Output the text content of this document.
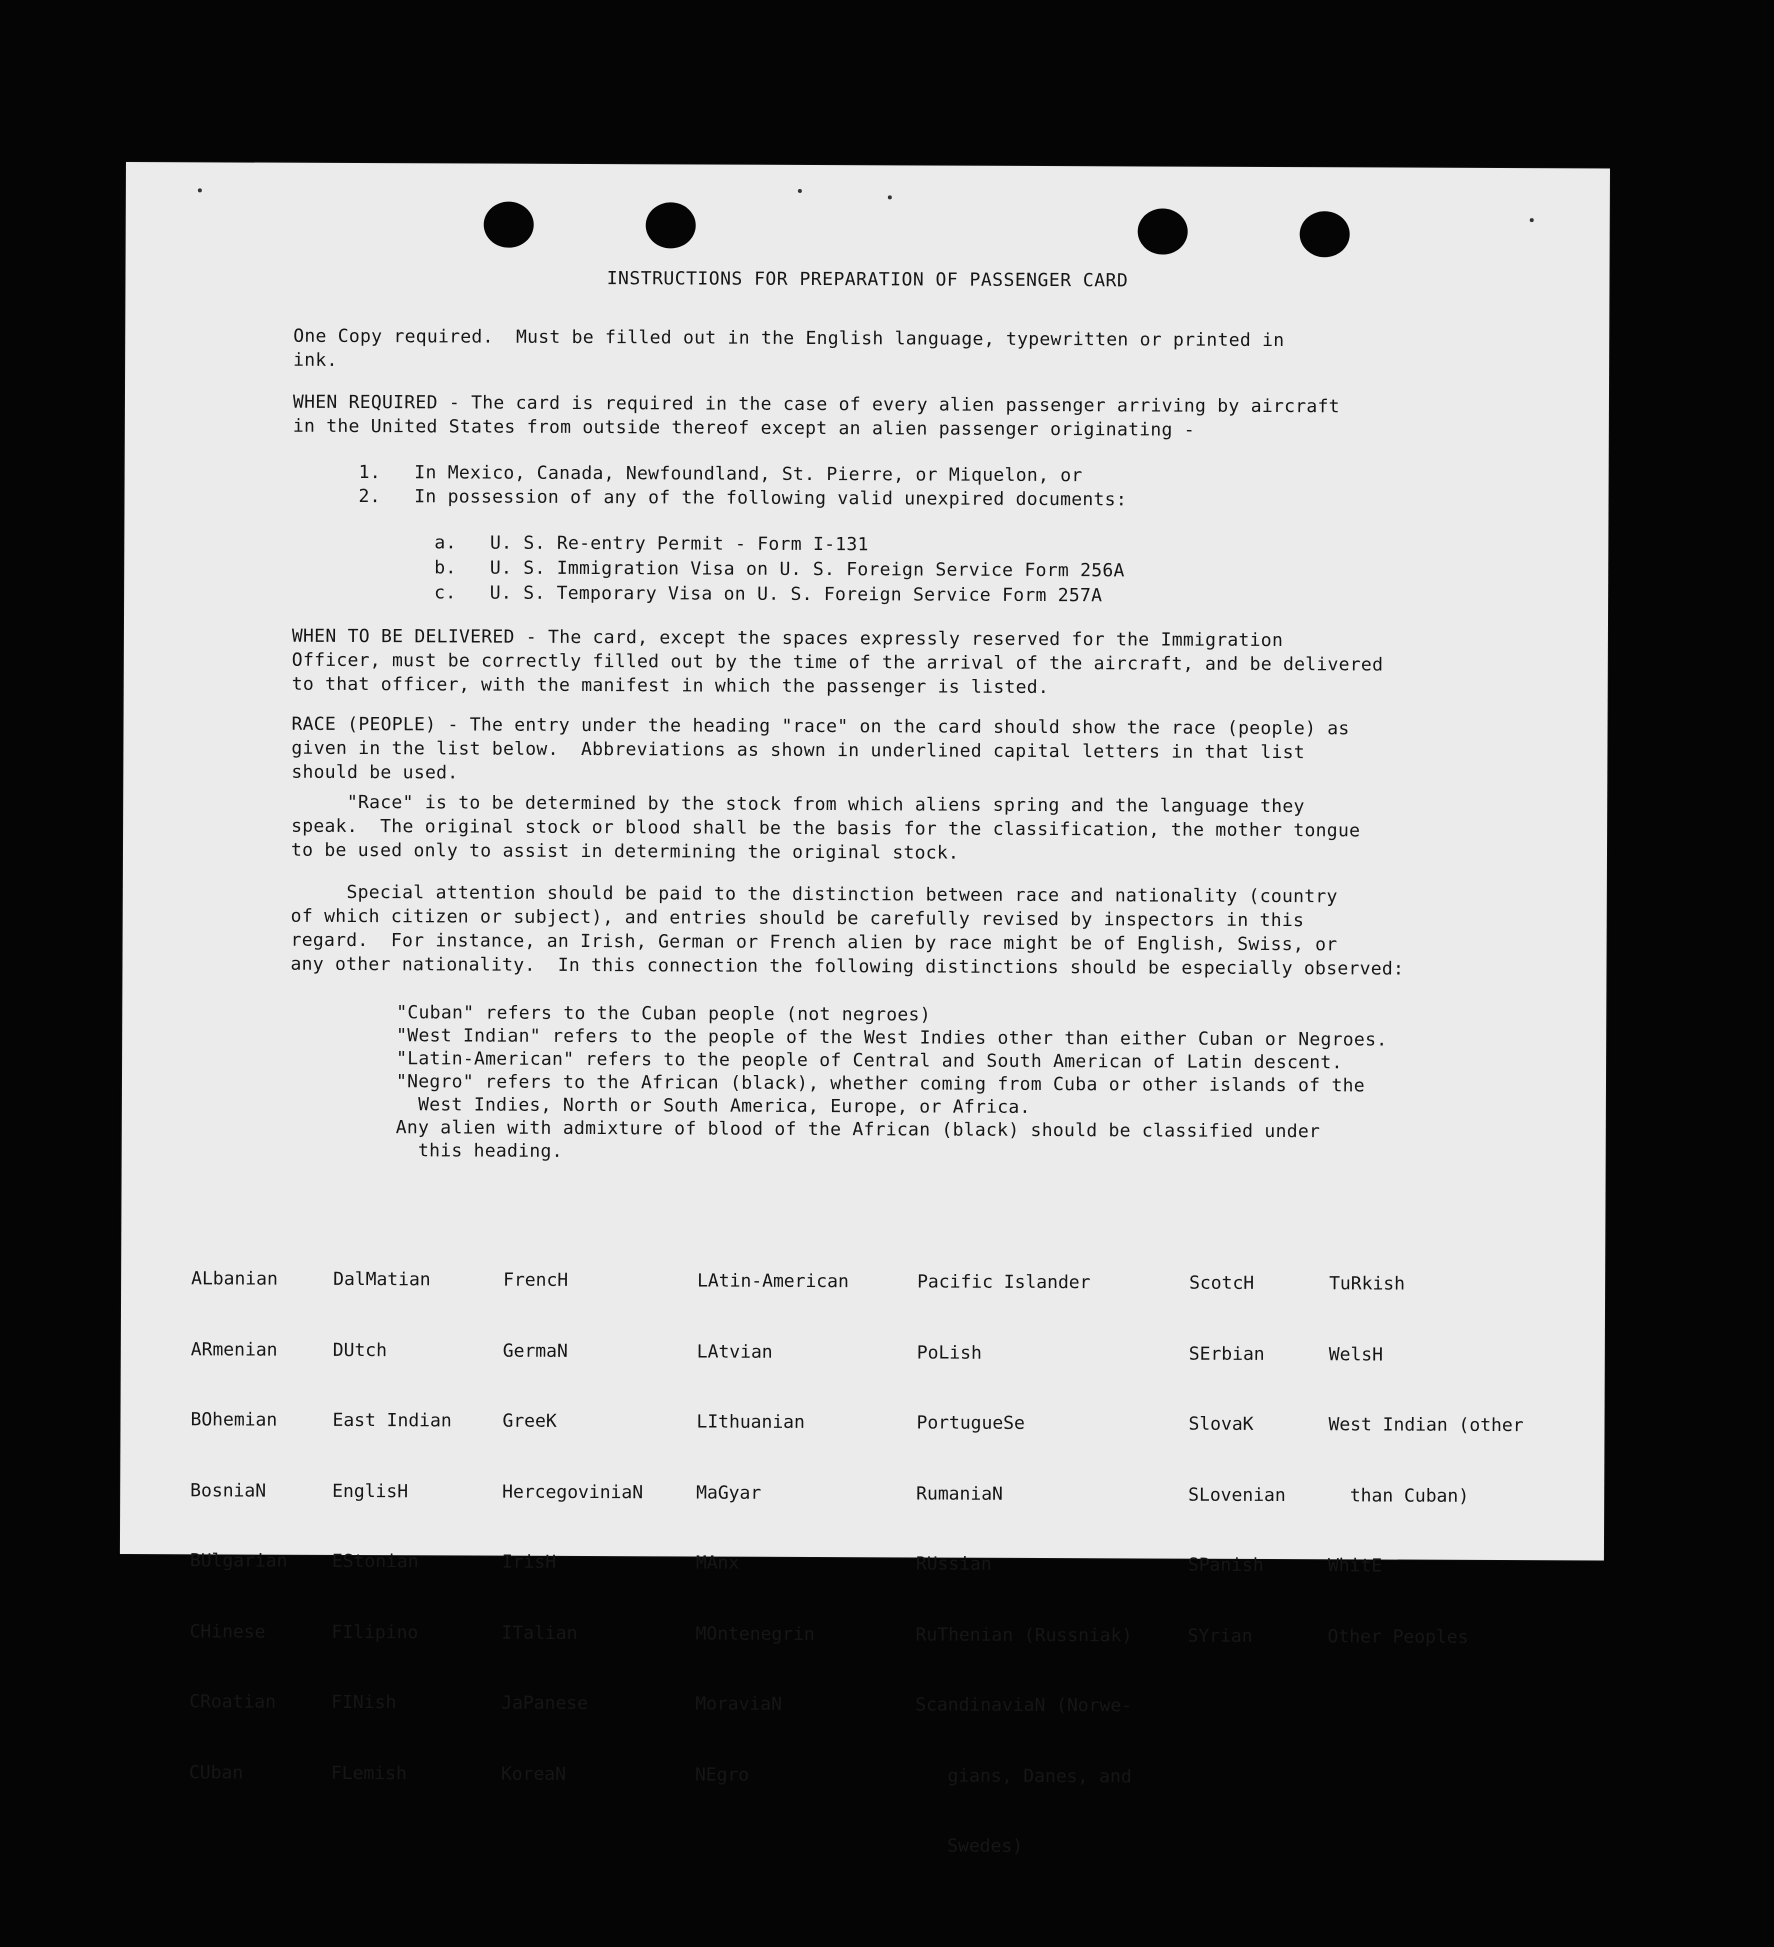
INSTRUCTIONS FOR PREPARATION OF PASSENGER CARD
One Copy required.  Must be filled out in the English language, typewritten or printed in
ink.
WHEN REQUIRED - The card is required in the case of every alien passenger arriving by aircraft
in the United States from outside thereof except an alien passenger originating -
1.   In Mexico, Canada, Newfoundland, St. Pierre, or Miquelon, or
2.   In possession of any of the following valid unexpired documents:
a.   U. S. Re-entry Permit - Form I-131
b.   U. S. Immigration Visa on U. S. Foreign Service Form 256A
c.   U. S. Temporary Visa on U. S. Foreign Service Form 257A
WHEN TO BE DELIVERED - The card, except the spaces expressly reserved for the Immigration
Officer, must be correctly filled out by the time of the arrival of the aircraft, and be delivered
to that officer, with the manifest in which the passenger is listed.
RACE (PEOPLE) - The entry under the heading "race" on the card should show the race (people) as
given in the list below.  Abbreviations as shown in underlined capital letters in that list
should be used.
"Race" is to be determined by the stock from which aliens spring and the language they
speak.  The original stock or blood shall be the basis for the classification, the mother tongue
to be used only to assist in determining the original stock.
Special attention should be paid to the distinction between race and nationality (country
of which citizen or subject), and entries should be carefully revised by inspectors in this
regard.  For instance, an Irish, German or French alien by race might be of English, Swiss, or
any other nationality.  In this connection the following distinctions should be especially observed:
"Cuban" refers to the Cuban people (not negroes)
"West Indian" refers to the people of the West Indies other than either Cuban or Negroes.
"Latin-American" refers to the people of Central and South American of Latin descent.
"Negro" refers to the African (black), whether coming from Cuba or other islands of the
West Indies, North or South America, Europe, or Africa.
Any alien with admixture of blood of the African (black) should be classified under
this heading.

ALbanian

ARmenian

BOhemian

BosniaN

BUlgarian

CHinese

CRoatian

CUban

DalMatian

DUtch

East Indian

EnglisH

EStonian

FIlipino

FINish

FLemish

FrencH

GermaN

GreeK

HercegoviniaN

IrisH

ITalian

JaPanese

KoreaN

LAtin-American

LAtvian

LIthuanian

MaGyar

MAnx

MOntenegrin

MoraviaN

NEgro

Pacific Islander

PoLish

PortugueSe

RumaniaN

RUssian

RuThenian (Russniak)

ScandinaviaN (Norwe-

gians, Danes, and

Swedes)

ScotcH

SErbian

SlovaK

SLovenian

SPanish

SYrian

TuRkish

WelsH

West Indian (other

than Cuban)

WhitE

Other Peoples
